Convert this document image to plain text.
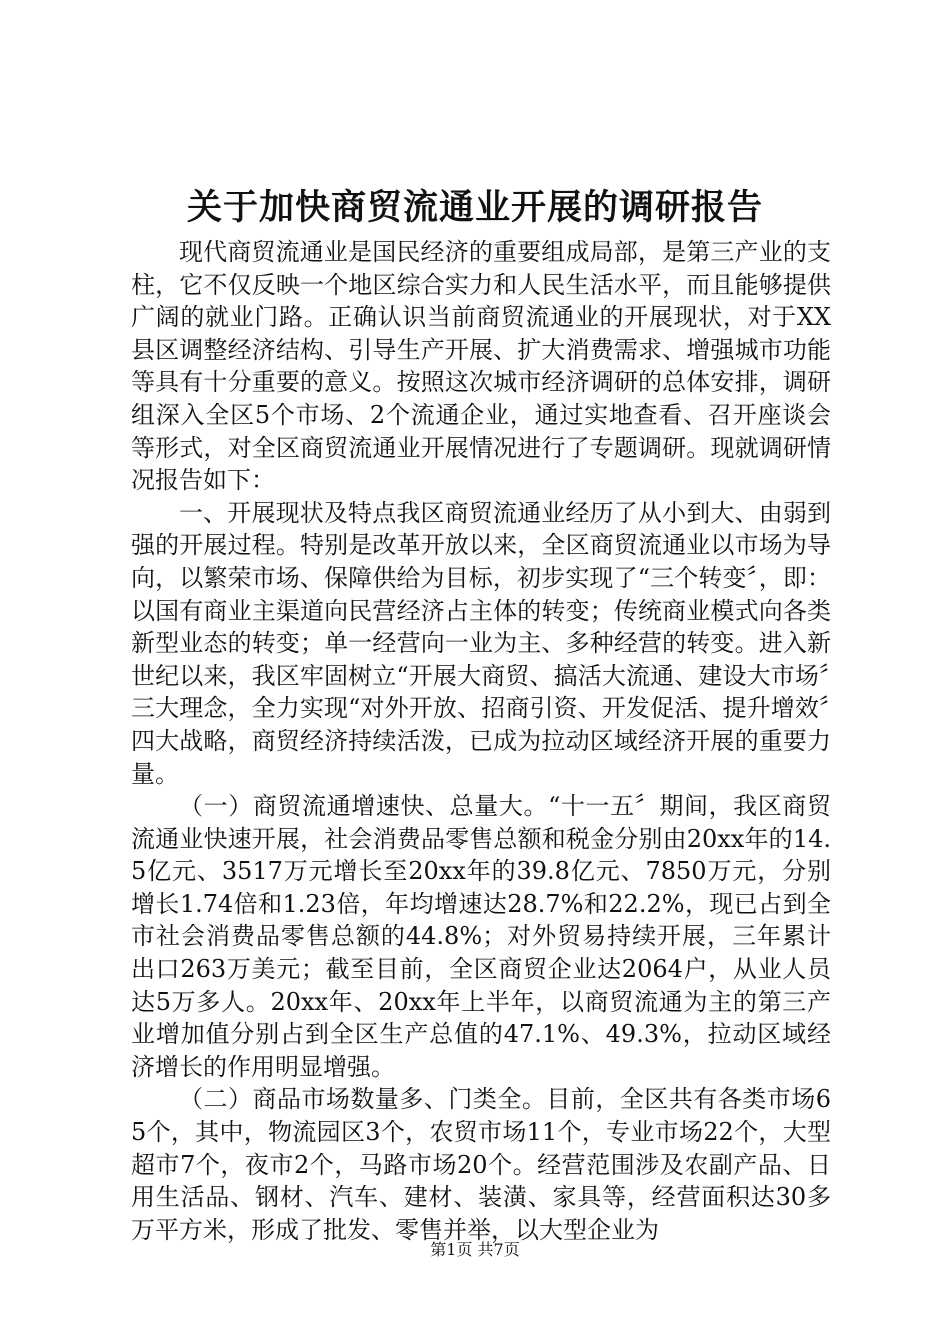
关于加快商贸流通业开展的调研报告

现代商贸流通业是国民经济的重要组成局部，是第三产业的支柱，它不仅反映一个地区综合实力和人民生活水平，而且能够提供广阔的就业门路。正确认识当前商贸流通业的开展现状，对于XX县区调整经济结构、引导生产开展、扩大消费需求、增强城市功能等具有十分重要的意义。按照这次城市经济调研的总体安排，调研组深入全区5个市场、2个流通企业，通过实地查看、召开座谈会等形式，对全区商贸流通业开展情况进行了专题调研。现就调研情况报告如下：

一、开展现状及特点我区商贸流通业经历了从小到大、由弱到强的开展过程。特别是改革开放以来，全区商贸流通业以市场为导向，以繁荣市场、保障供给为目标，初步实现了“三个转变〞，即：以国有商业主渠道向民营经济占主体的转变；传统商业模式向各类新型业态的转变；单一经营向一业为主、多种经营的转变。进入新世纪以来，我区牢固树立“开展大商贸、搞活大流通、建设大市场〞三大理念，全力实现“对外开放、招商引资、开发促活、提升增效〞四大战略，商贸经济持续活泼，已成为拉动区域经济开展的重要力量。

（一）商贸流通增速快、总量大。“十一五〞期间，我区商贸流通业快速开展，社会消费品零售总额和税金分别由20xx年的14.5亿元、3517万元增长至20xx年的39.8亿元、7850万元，分别增长1.74倍和1.23倍，年均增速达28.7%和22.2%，现已占到全市社会消费品零售总额的44.8%；对外贸易持续开展，三年累计出口263万美元；截至目前，全区商贸企业达2064户，从业人员达5万多人。20xx年、20xx年上半年，以商贸流通为主的第三产业增加值分别占到全区生产总值的47.1%、49.3%，拉动区域经济增长的作用明显增强。

（二）商品市场数量多、门类全。目前，全区共有各类市场65个，其中，物流园区3个，农贸市场11个，专业市场22个，大型超市7个，夜市2个，马路市场20个。经营范围涉及农副产品、日用生活品、钢材、汽车、建材、装潢、家具等，经营面积达30多万平方米，形成了批发、零售并举，以大型企业为

第1页 共7页
